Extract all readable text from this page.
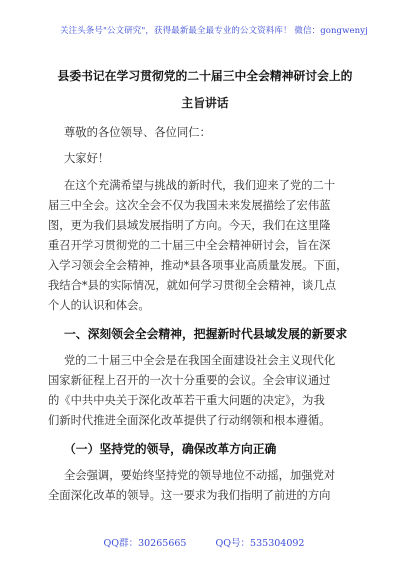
关注头条号"公文研究"，获得最新最全最专业的公文资料库！ 微信：gongwenyj
县委书记在学习贯彻党的二十届三中全会精神研讨会上的
主旨讲话
尊敬的各位领导、各位同仁：
大家好！
在这个充满希望与挑战的新时代，我们迎来了党的二十
届三中全会。这次全会不仅为我国未来发展描绘了宏伟蓝
图，更为我们县域发展指明了方向。今天，我们在这里隆
重召开学习贯彻党的二十届三中全会精神研讨会，旨在深
入学习领会全会精神，推动*县各项事业高质量发展。下面，
我结合*县的实际情况，就如何学习贯彻全会精神，谈几点
个人的认识和体会。
一、深刻领会全会精神，把握新时代县域发展的新要求
党的二十届三中全会是在我国全面建设社会主义现代化
国家新征程上召开的一次十分重要的会议。全会审议通过
的《中共中央关于深化改革若干重大问题的决定》，为我
们新时代推进全面深化改革提供了行动纲领和根本遵循。
（一）坚持党的领导，确保改革方向正确
全会强调，要始终坚持党的领导地位不动摇，加强党对
全面深化改革的领导。这一要求为我们指明了前进的方向
QQ群：30265665	QQ号：535304092
